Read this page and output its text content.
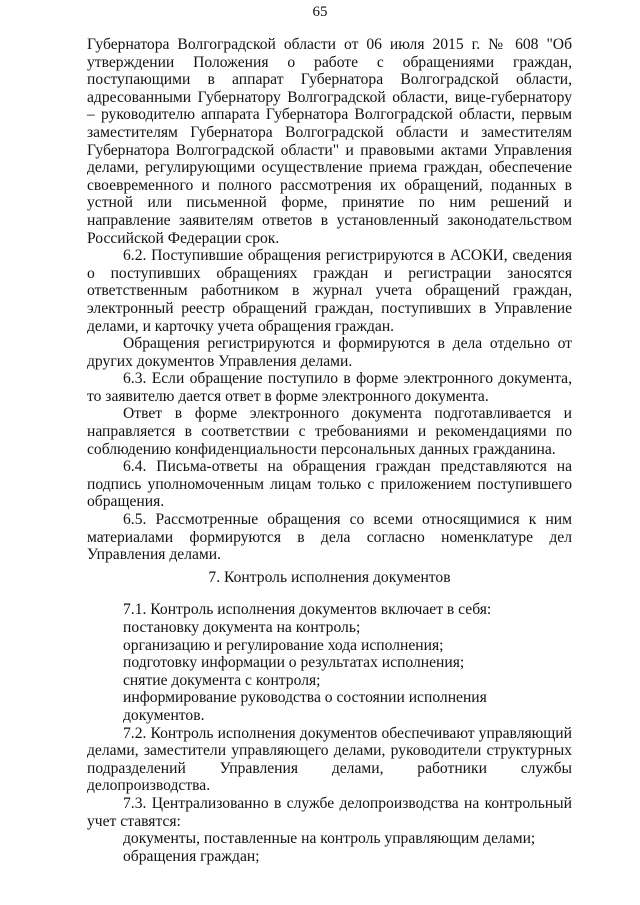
65

Губернатора Волгоградской области от 06 июля 2015 г. № 608 "Об утверждении Положения о работе с обращениями граждан, поступающими в аппарат Губернатора Волгоградской области, адресованными Губернатору Волгоградской области, вице-губернатору – руководителю аппарата Губернатора Волгоградской области, первым заместителям Губернатора Волгоградской области и заместителям Губернатора Волгоградской области" и правовыми актами Управления делами, регулирующими осуществление приема граждан, обеспечение своевременного и полного рассмотрения их обращений, поданных в устной или письменной форме, принятие по ним решений и направление заявителям ответов в установленный законодательством Российской Федерации срок.

6.2. Поступившие обращения регистрируются в АСОКИ, сведения о поступивших обращениях граждан и регистрации заносятся ответственным работником в журнал учета обращений граждан, электронный реестр обращений граждан, поступивших в Управление делами, и карточку учета обращения граждан.

Обращения регистрируются и формируются в дела отдельно от других документов Управления делами.

6.3. Если обращение поступило в форме электронного документа, то заявителю дается ответ в форме электронного документа.

Ответ в форме электронного документа подготавливается и направляется в соответствии с требованиями и рекомендациями по соблюдению конфиденциальности персональных данных гражданина.

6.4. Письма-ответы на обращения граждан представляются на подпись уполномоченным лицам только с приложением поступившего обращения.

6.5. Рассмотренные обращения со всеми относящимися к ним материалами формируются в дела согласно номенклатуре дел Управления делами.

7. Контроль исполнения документов

7.1. Контроль исполнения документов включает в себя:

постановку документа на контроль;

организацию и регулирование хода исполнения;

подготовку информации о результатах исполнения;

снятие документа с контроля;

информирование руководства о состоянии исполнения документов.

7.2. Контроль исполнения документов обеспечивают управляющий делами, заместители управляющего делами, руководители структурных подразделений Управления делами, работники службы делопроизводства.

7.3. Централизованно в службе делопроизводства на контрольный учет ставятся:

документы, поставленные на контроль управляющим делами;

обращения граждан;
